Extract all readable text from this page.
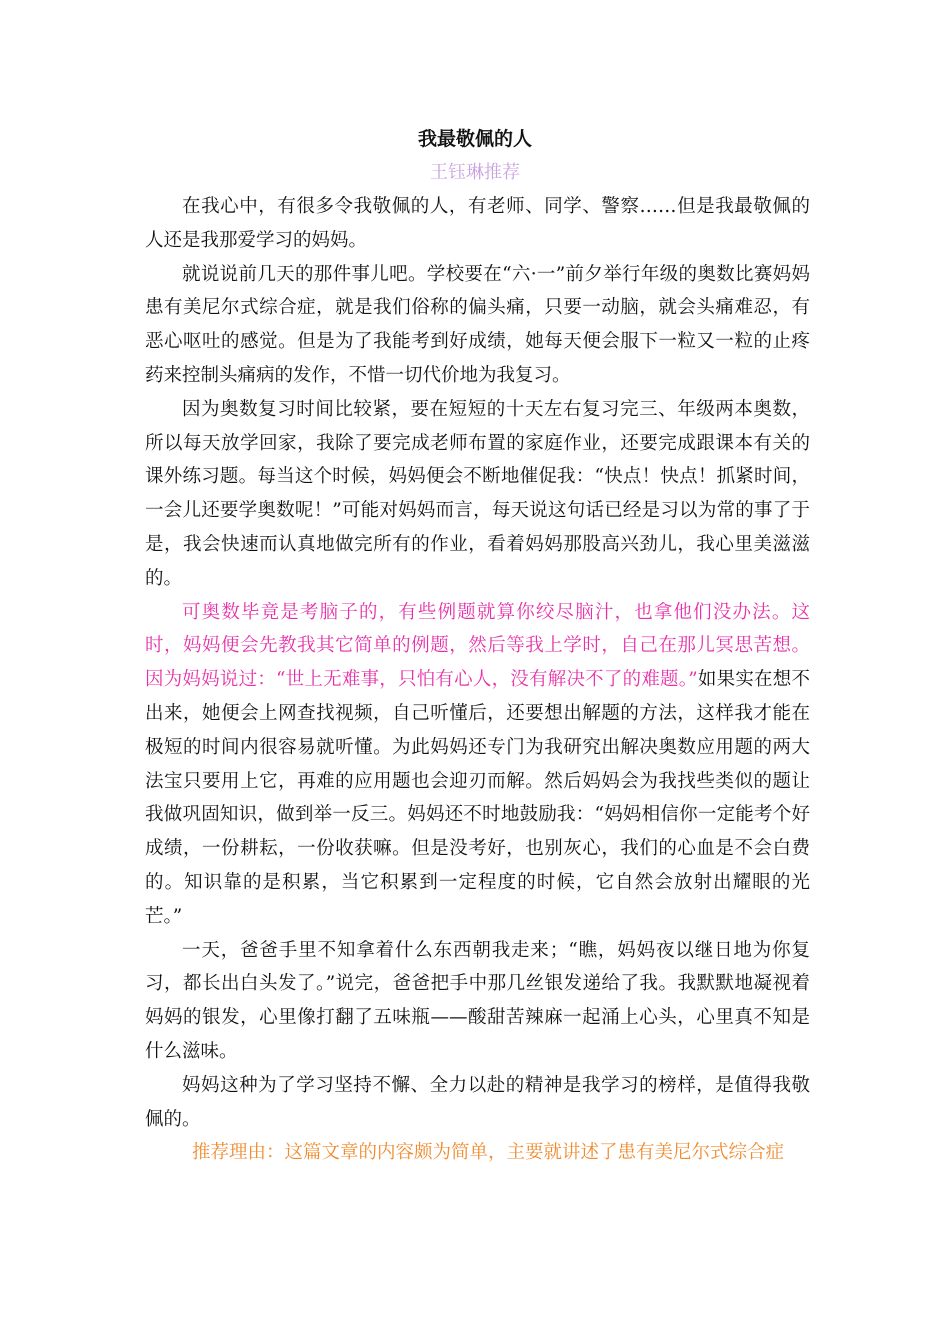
我最敬佩的人
王钰琳推荐

在我心中，有很多令我敬佩的人，有老师、同学、警察……但是我最敬佩的人还是我那爱学习的妈妈。

就说说前几天的那件事儿吧。学校要在“六·一”前夕举行年级的奥数比赛妈妈患有美尼尔式综合症，就是我们俗称的偏头痛，只要一动脑，就会头痛难忍，有恶心呕吐的感觉。但是为了我能考到好成绩，她每天便会服下一粒又一粒的止疼药来控制头痛病的发作，不惜一切代价地为我复习。

因为奥数复习时间比较紧，要在短短的十天左右复习完三、年级两本奥数，所以每天放学回家，我除了要完成老师布置的家庭作业，还要完成跟课本有关的课外练习题。每当这个时候，妈妈便会不断地催促我：“快点！快点！抓紧时间，一会儿还要学奥数呢！”可能对妈妈而言，每天说这句话已经是习以为常的事了于是，我会快速而认真地做完所有的作业，看着妈妈那股高兴劲儿，我心里美滋滋的。

可奥数毕竟是考脑子的，有些例题就算你绞尽脑汁，也拿他们没办法。这时，妈妈便会先教我其它简单的例题，然后等我上学时，自己在那儿冥思苦想。因为妈妈说过：“世上无难事，只怕有心人，没有解决不了的难题。”如果实在想不出来，她便会上网查找视频，自己听懂后，还要想出解题的方法，这样我才能在极短的时间内很容易就听懂。为此妈妈还专门为我研究出解决奥数应用题的两大法宝只要用上它，再难的应用题也会迎刃而解。然后妈妈会为我找些类似的题让我做巩固知识，做到举一反三。妈妈还不时地鼓励我：“妈妈相信你一定能考个好成绩，一份耕耘，一份收获嘛。但是没考好，也别灰心，我们的心血是不会白费的。知识靠的是积累，当它积累到一定程度的时候，它自然会放射出耀眼的光芒。”

一天，爸爸手里不知拿着什么东西朝我走来；“瞧，妈妈夜以继日地为你复习，都长出白头发了。”说完，爸爸把手中那几丝银发递给了我。我默默地凝视着妈妈的银发，心里像打翻了五味瓶——酸甜苦辣麻一起涌上心头，心里真不知是什么滋味。

妈妈这种为了学习坚持不懈、全力以赴的精神是我学习的榜样，是值得我敬佩的。

推荐理由：这篇文章的内容颇为简单，主要就讲述了患有美尼尔式综合症
